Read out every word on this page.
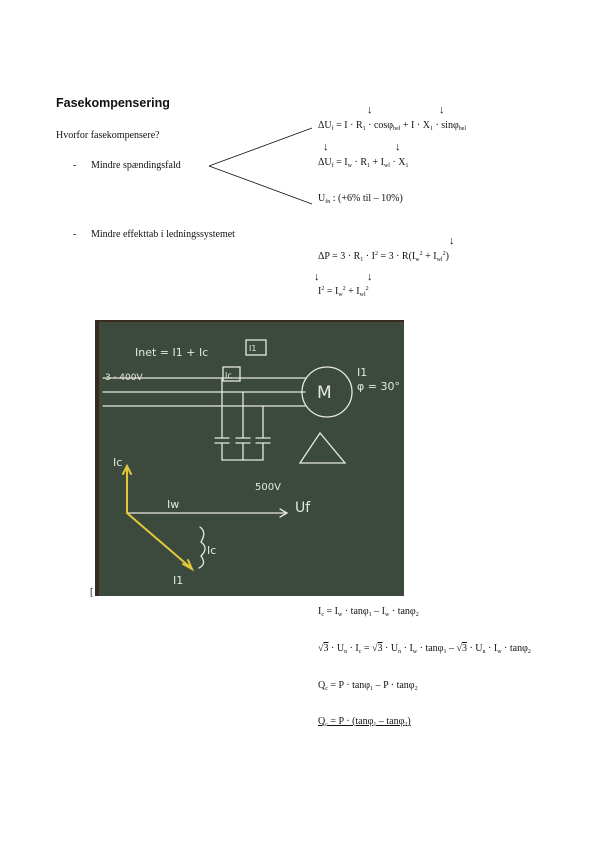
Fasekompensering
Hvorfor fasekompensere?
- Mindre spændingsfald
- Mindre effekttab i ledningssystemet
↓	↓
↓	↓
↓
↓	↓
$\Delta U_f = I \cdot R_1 \cdot \cos\varphi_{bel} + I \cdot X_1 \cdot \sin\varphi_{bel}$
$\Delta U_f = I_w \cdot R_1 + I_{wl} \cdot X_1$
$U_{fn}$ : (+6% til – 10%)
$\Delta P = 3 \cdot R_1 \cdot I^2 = 3 \cdot R(I_w^2 + I_{wl}^2)$
$I^2 = I_w^2 + I_{wl}^2$
Inet = I1 + Ic	I1
Ic
3 · 400V
M
I1
φ = 30°
500V
Uf
Ic
Iw
Ic
I1
[
$I_c = I_w \cdot \tan\varphi_1 - I_w \cdot \tan\varphi_2$
$√3 \cdot U_n \cdot I_c = √3 \cdot U_n \cdot I_w \cdot \tan\varphi_1 - √3 \cdot U_n \cdot I_w \cdot \tan\varphi_2$
$Q_c = P \cdot \tan\varphi_1 - P \cdot \tan\varphi_2$
$Q_c = P \cdot (\tan\varphi_1 - \tan\varphi_2)$
